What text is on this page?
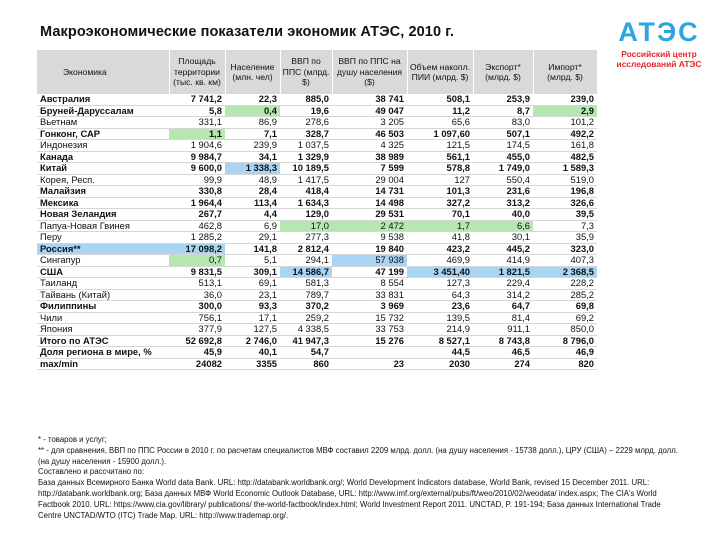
Макроэкономические показатели экономик АТЭС, 2010 г.	АТЭС
Российский центр
исследований АТЭС
Экономика	Площадь территории (тыс. кв. км)	Население (млн. чел)	ВВП по ППС (млрд. $)	ВВП по ППС на душу населения ($)	Объем накопл. ПИИ (млрд. $)	Экспорт* (млрд. $)	Импорт* (млрд. $)
Австралия	7 741,2	22,3	885,0	38 741	508,1	253,9	239,0
Бруней-Даруссалам	5,8	0,4	19,6	49 047	11,2	8,7	2,9
Вьетнам	331,1	86,9	278,6	3 205	65,6	83,0	101,2
Гонконг, САР	1,1	7,1	328,7	46 503	1 097,60	507,1	492,2
Индонезия	1 904,6	239,9	1 037,5	4 325	121,5	174,5	161,8
Канада	9 984,7	34,1	1 329,9	38 989	561,1	455,0	482,5
Китай	9 600,0	1 338,3	10 189,5	7 599	578,8	1 749,0	1 589,3
Корея, Респ.	99,9	48,9	1 417,5	29 004	127	550,4	519,0
Малайзия	330,8	28,4	418,4	14 731	101,3	231,6	196,8
Мексика	1 964,4	113,4	1 634,3	14 498	327,2	313,2	326,6
Новая Зеландия	267,7	4,4	129,0	29 531	70,1	40,0	39,5
Папуа-Новая Гвинея	462,8	6,9	17,0	2 472	1,7	6,6	7,3
Перу	1 285,2	29,1	277,3	9 538	41,8	30,1	35,9
Россия**	17 098,2	141,8	2 812,4	19 840	423,2	445,2	323,0
Сингапур	0,7	5,1	294,1	57 938	469,9	414,9	407,3
США	9 831,5	309,1	14 586,7	47 199	3 451,40	1 821,5	2 368,5
Таиланд	513,1	69,1	581,3	8 554	127,3	229,4	228,2
Тайвань (Китай)	36,0	23,1	789,7	33 831	64,3	314,2	285,2
Филиппины	300,0	93,3	370,2	3 969	23,6	64,7	69,8
Чили	756,1	17,1	259,2	15 732	139,5	81,4	69,2
Япония	377,9	127,5	4 338,5	33 753	214,9	911,1	850,0
Итого по АТЭС	52 692,8	2 746,0	41 947,3	15 276	8 527,1	8 743,8	8 796,0
Доля региона в мире, %	45,9	40,1	54,7		44,5	46,5	46,9
max/min	24082	3355	860	23	2030	274	820
* - товаров и услуг;
** - для сравнения, ВВП по ППС России в 2010 г. по расчетам специалистов МВФ составил 2209 млрд. долл. (на душу населения - 15738 долл.), ЦРУ (США) – 2229 млрд. долл. (на душу населения - 15900 долл.).
Составлено и рассчитано по:
База данных Всемирного Банка World data Bank. URL: http://databank.worldbank.org/; World Development Indicators database, World Bank, revised 15 December 2011. URL: http://databank.worldbank.org; База данных МВФ World Economic Outlook Database, URL: http://www.imf.org/external/pubs/ft/weo/2010/02/weodata/ index.aspx; The CIA's World Factbook 2010. URL: https://www.cia.gov/library/ publications/ the-world-factbook/index.html; World Investment Report 2011. UNCTAD, P. 191-194; База данных International Trade Centre UNCTAD/WTO (ITC) Trade Map. URL: http://www.trademap.org/.
